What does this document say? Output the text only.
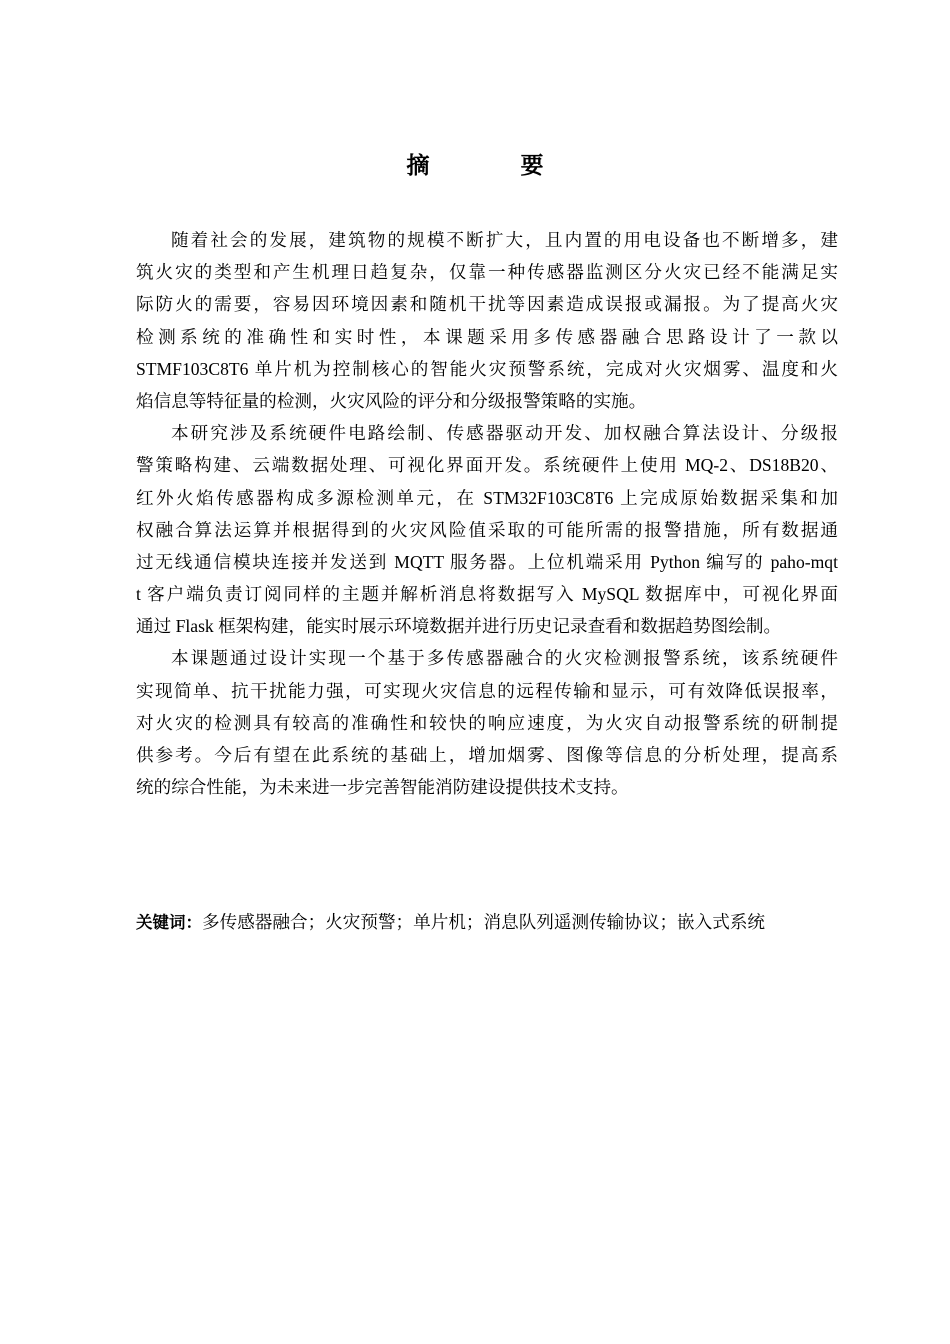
摘　要
随着社会的发展，建筑物的规模不断扩大，且内置的用电设备也不断增多，建
筑火灾的类型和产生机理日趋复杂，仅靠一种传感器监测区分火灾已经不能满足实
际防火的需要，容易因环境因素和随机干扰等因素造成误报或漏报。为了提高火灾
检测系统的准确性和实时性，本课题采用多传感器融合思路设计了一款以
STMF103C8T6 单片机为控制核心的智能火灾预警系统，完成对火灾烟雾、温度和火
焰信息等特征量的检测，火灾风险的评分和分级报警策略的实施。
本研究涉及系统硬件电路绘制、传感器驱动开发、加权融合算法设计、分级报
警策略构建、云端数据处理、可视化界面开发。系统硬件上使用 MQ-2、DS18B20、
红外火焰传感器构成多源检测单元，在 STM32F103C8T6 上完成原始数据采集和加
权融合算法运算并根据得到的火灾风险值采取的可能所需的报警措施，所有数据通
过无线通信模块连接并发送到 MQTT 服务器。上位机端采用 Python 编写的 paho-mqt
t 客户端负责订阅同样的主题并解析消息将数据写入 MySQL 数据库中，可视化界面
通过 Flask 框架构建，能实时展示环境数据并进行历史记录查看和数据趋势图绘制。
本课题通过设计实现一个基于多传感器融合的火灾检测报警系统，该系统硬件
实现简单、抗干扰能力强，可实现火灾信息的远程传输和显示，可有效降低误报率，
对火灾的检测具有较高的准确性和较快的响应速度，为火灾自动报警系统的研制提
供参考。今后有望在此系统的基础上，增加烟雾、图像等信息的分析处理，提高系
统的综合性能，为未来进一步完善智能消防建设提供技术支持。
关键词：多传感器融合；火灾预警；单片机；消息队列遥测传输协议；嵌入式系统
